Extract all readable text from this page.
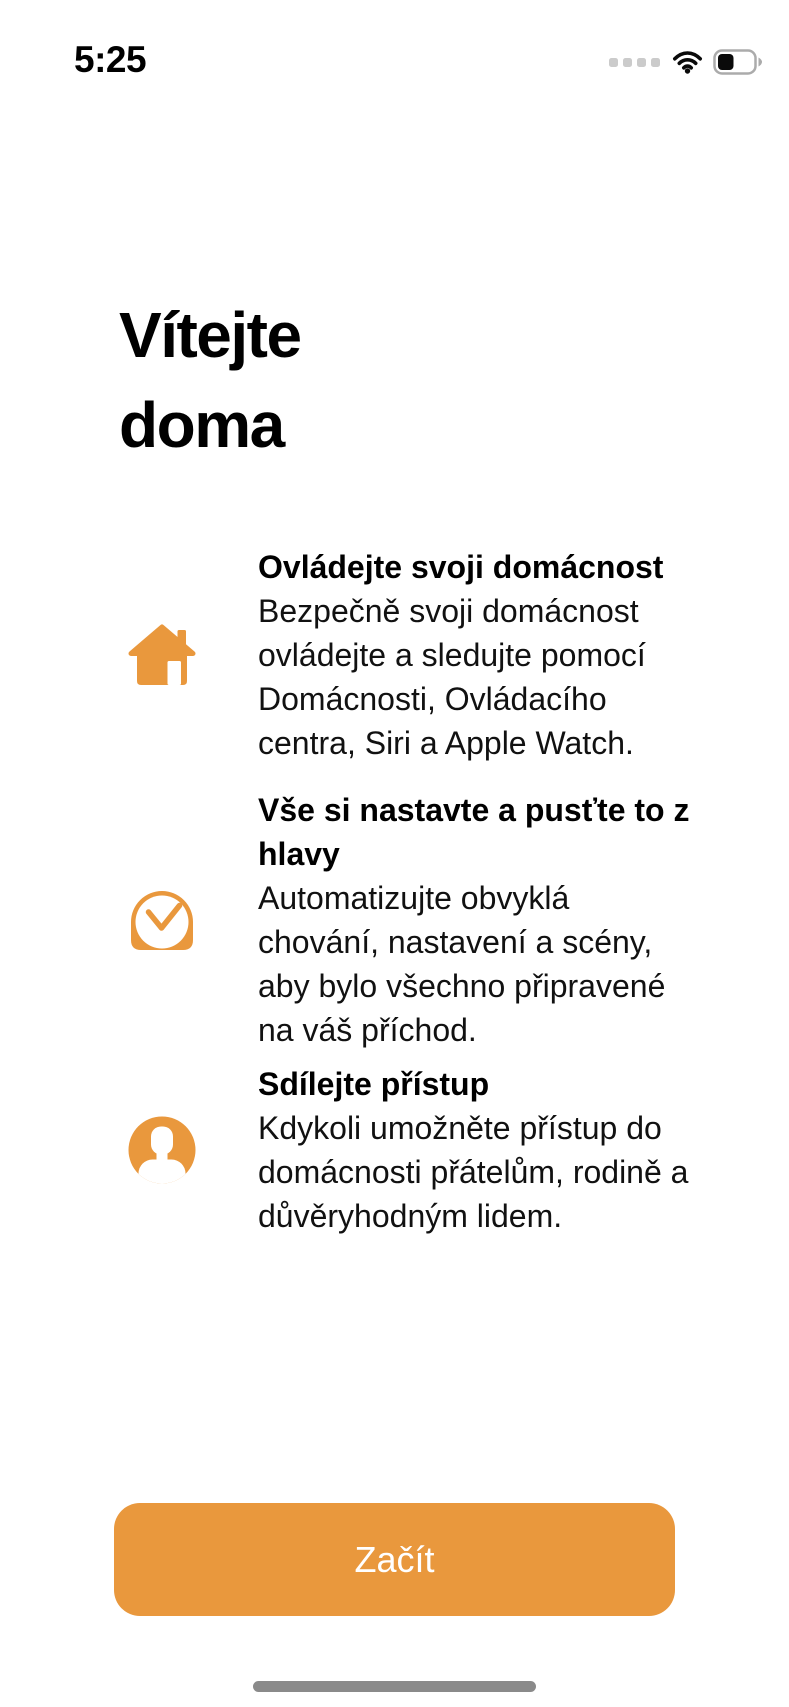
5:25
Vítejte
doma
Ovládejte svoji domácnost
Bezpečně svoji domácnost ovládejte a sledujte pomocí Domácnosti, Ovládacího centra, Siri a Apple Watch.
Vše si nastavte a pusťte to z hlavy
Automatizujte obvyklá chování, nastavení a scény, aby bylo všechno připravené na váš příchod.
Sdílejte přístup
Kdykoli umožněte přístup do domácnosti přátelům, rodině a důvěryhodným lidem.
Začít
